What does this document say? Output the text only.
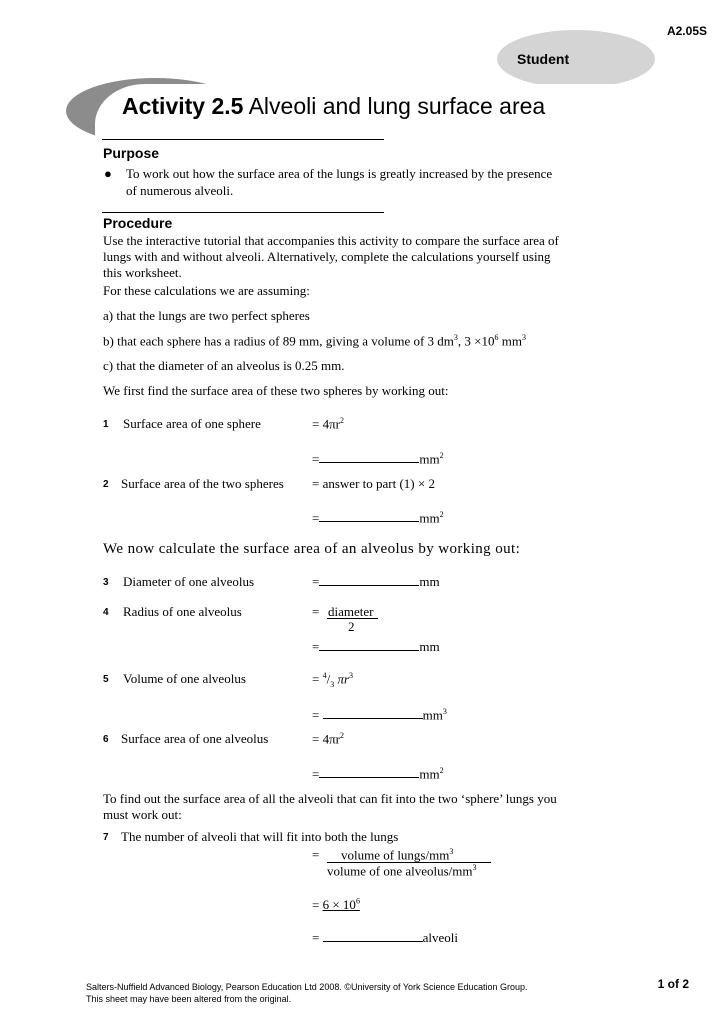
A2.05S
Student
Activity 2.5 Alveoli and lung surface area
Purpose
● To work out how the surface area of the lungs is greatly increased by the presence
of numerous alveoli.
Procedure
Use the interactive tutorial that accompanies this activity to compare the surface area of
lungs with and without alveoli. Alternatively, complete the calculations yourself using
this worksheet.
For these calculations we are assuming:
a) that the lungs are two perfect spheres
b) that each sphere has a radius of 89 mm, giving a volume of 3 $dm^3$, $3 \times 10^6$ $mm^3$
c) that the diameter of an alveolus is 0.25 mm.
We first find the surface area of these two spheres by working out:
1 Surface area of one sphere	= $4\pi r^2$
=	$mm^2$
2 Surface area of the two spheres = answer to part (1) × 2
=	$mm^2$
We now calculate the surface area of an alveolus by working out:
3 Diameter of one alveolus	=	mm
4 Radius of one alveolus	= diameter
2
=	mm
5 Volume of one alveolus	= $^4/_3$ $\pi r^3$
=	$mm^3$
6 Surface area of one alveolus	= $4\pi r^2$
=	$mm^2$
To find out the surface area of all the alveoli that can fit into the two ‘sphere’ lungs you
must work out:
7 The number of alveoli that will fit into both the lungs
= volume of lungs/$mm^3$
volume of one alveolus/$mm^3$
= $6 \times 10^6$
=	alveoli
Salters-Nuffield Advanced Biology, Pearson Education Ltd 2008. ©University of York Science Education Group.
This sheet may have been altered from the original.
1 of 2
